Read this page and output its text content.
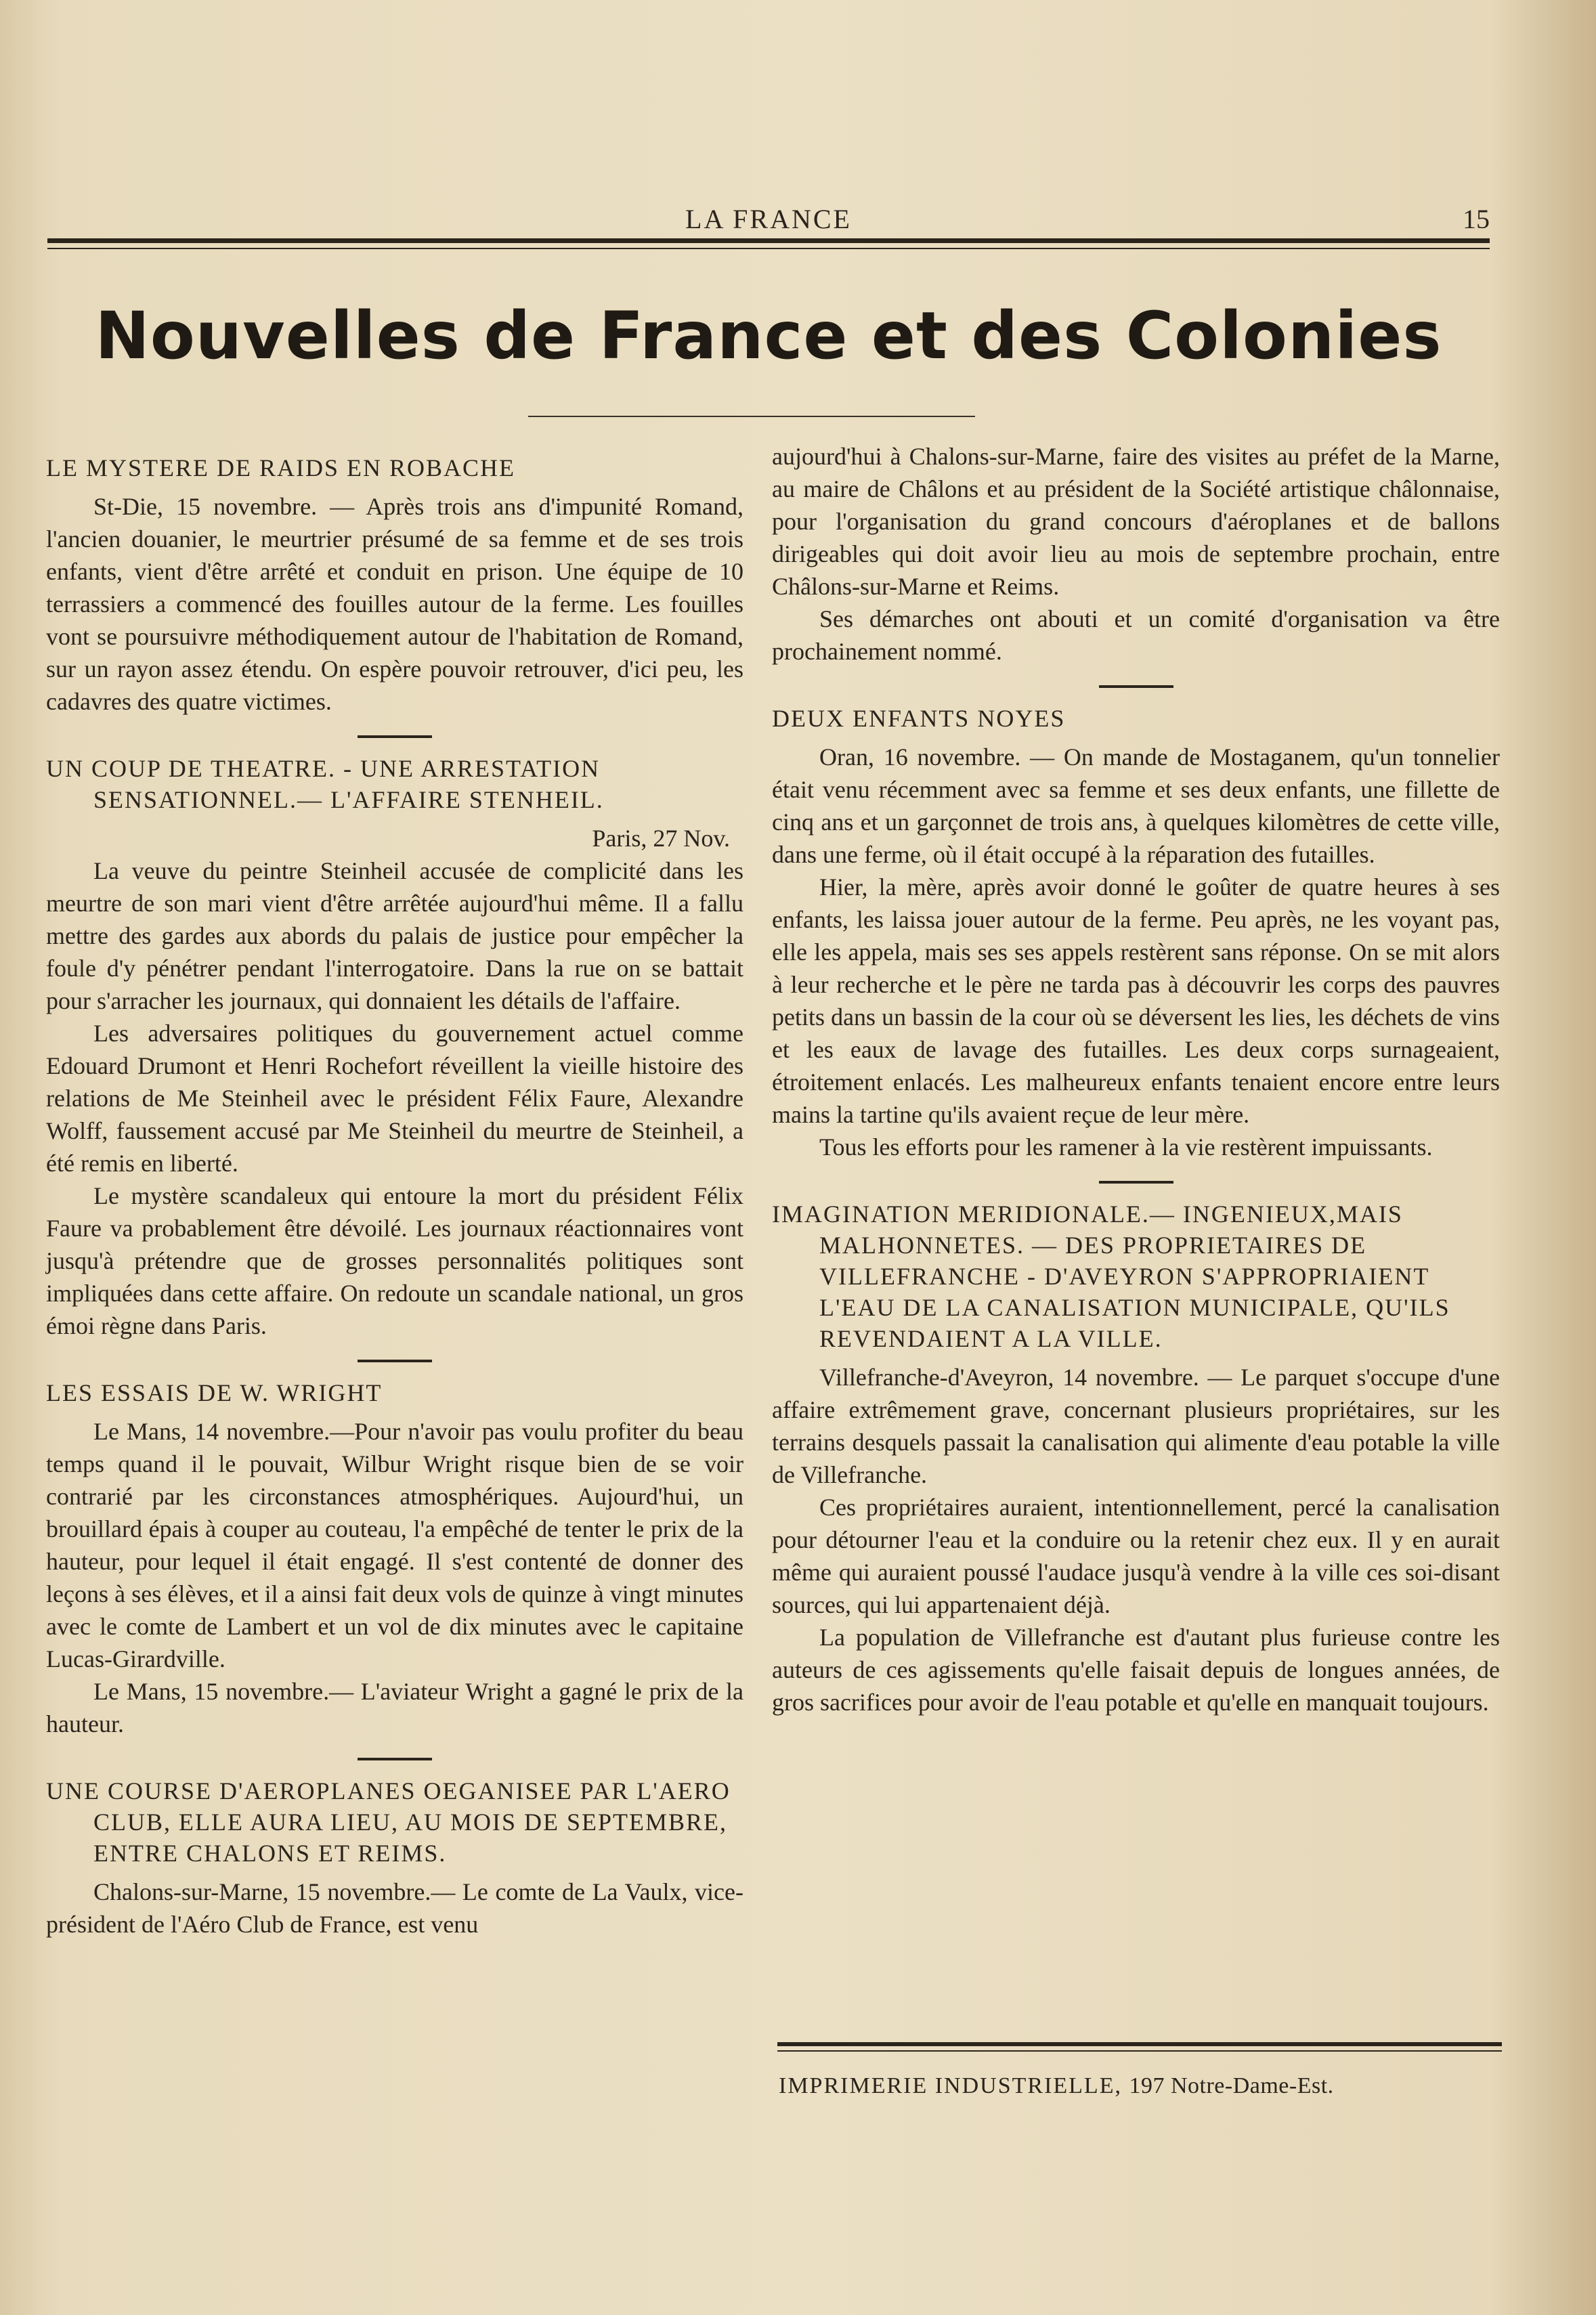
LA FRANCE	15
Nouvelles de France et des Colonies
LE MYSTERE DE RAIDS EN ROBACHE

St-Die, 15 novembre. — Après trois ans d'impunité Romand, l'ancien douanier, le meurtrier présumé de sa femme et de ses trois enfants, vient d'être arrêté et conduit en prison. Une équipe de 10 terrassiers a commencé des fouilles autour de la ferme. Les fouilles vont se poursuivre méthodiquement autour de l'habitation de Romand, sur un rayon assez étendu. On espère pouvoir retrouver, d'ici peu, les cadavres des quatre victimes.

UN COUP DE THEATRE. - UNE ARRESTATION SENSATIONNEL.— L'AFFAIRE STENHEIL.

Paris, 27 Nov.

La veuve du peintre Steinheil accusée de complicité dans les meurtre de son mari vient d'être arrêtée aujourd'hui même. Il a fallu mettre des gardes aux abords du palais de justice pour empêcher la foule d'y pénétrer pendant l'interrogatoire. Dans la rue on se battait pour s'arracher les journaux, qui donnaient les détails de l'affaire.

Les adversaires politiques du gouvernement actuel comme Edouard Drumont et Henri Rochefort réveillent la vieille histoire des relations de Me Steinheil avec le président Félix Faure, Alexandre Wolff, faussement accusé par Me Steinheil du meurtre de Steinheil, a été remis en liberté.

Le mystère scandaleux qui entoure la mort du président Félix Faure va probablement être dévoilé. Les journaux réactionnaires vont jusqu'à prétendre que de grosses personnalités politiques sont impliquées dans cette affaire. On redoute un scandale national, un gros émoi règne dans Paris.

LES ESSAIS DE W. WRIGHT

Le Mans, 14 novembre.—Pour n'avoir pas voulu profiter du beau temps quand il le pouvait, Wilbur Wright risque bien de se voir contrarié par les circonstances atmosphériques. Aujourd'hui, un brouillard épais à couper au couteau, l'a empêché de tenter le prix de la hauteur, pour lequel il était engagé. Il s'est contenté de donner des leçons à ses élèves, et il a ainsi fait deux vols de quinze à vingt minutes avec le comte de Lambert et un vol de dix minutes avec le capitaine Lucas-Girardville.

Le Mans, 15 novembre.— L'aviateur Wright a gagné le prix de la hauteur.

UNE COURSE D'AEROPLANES OEGANISEE PAR L'AERO CLUB, ELLE AURA LIEU, AU MOIS DE SEPTEMBRE, ENTRE CHALONS ET REIMS.

Chalons-sur-Marne, 15 novembre.— Le comte de La Vaulx, vice-président de l'Aéro Club de France, est venu

aujourd'hui à Chalons-sur-Marne, faire des visites au préfet de la Marne, au maire de Châlons et au président de la Société artistique châlonnaise, pour l'organisation du grand concours d'aéroplanes et de ballons dirigeables qui doit avoir lieu au mois de septembre prochain, entre Châlons-sur-Marne et Reims.

Ses démarches ont abouti et un comité d'organisation va être prochainement nommé.

DEUX ENFANTS NOYES

Oran, 16 novembre. — On mande de Mostaganem, qu'un tonnelier était venu récemment avec sa femme et ses deux enfants, une fillette de cinq ans et un garçonnet de trois ans, à quelques kilomètres de cette ville, dans une ferme, où il était occupé à la réparation des futailles.

Hier, la mère, après avoir donné le goûter de quatre heures à ses enfants, les laissa jouer autour de la ferme. Peu après, ne les voyant pas, elle les appela, mais ses ses appels restèrent sans réponse. On se mit alors à leur recherche et le père ne tarda pas à découvrir les corps des pauvres petits dans un bassin de la cour où se déversent les lies, les déchets de vins et les eaux de lavage des futailles. Les deux corps surnageaient, étroitement enlacés. Les malheureux enfants tenaient encore entre leurs mains la tartine qu'ils avaient reçue de leur mère.

Tous les efforts pour les ramener à la vie restèrent impuissants.

IMAGINATION MERIDIONALE.— INGENIEUX,MAIS MALHONNETES. — DES PROPRIETAIRES DE VILLEFRANCHE - D'AVEYRON S'APPROPRIAIENT L'EAU DE LA CANALISATION MUNICIPALE, QU'ILS REVENDAIENT A LA VILLE.

Villefranche-d'Aveyron, 14 novembre. — Le parquet s'occupe d'une affaire extrêmement grave, concernant plusieurs propriétaires, sur les terrains desquels passait la canalisation qui alimente d'eau potable la ville de Villefranche.

Ces propriétaires auraient, intentionnellement, percé la canalisation pour détourner l'eau et la conduire ou la retenir chez eux. Il y en aurait même qui auraient poussé l'audace jusqu'à vendre à la ville ces soi-disant sources, qui lui appartenaient déjà.

La population de Villefranche est d'autant plus furieuse contre les auteurs de ces agissements qu'elle faisait depuis de longues années, de gros sacrifices pour avoir de l'eau potable et qu'elle en manquait toujours.

IMPRIMERIE INDUSTRIELLE, 197 Notre-Dame-Est.
